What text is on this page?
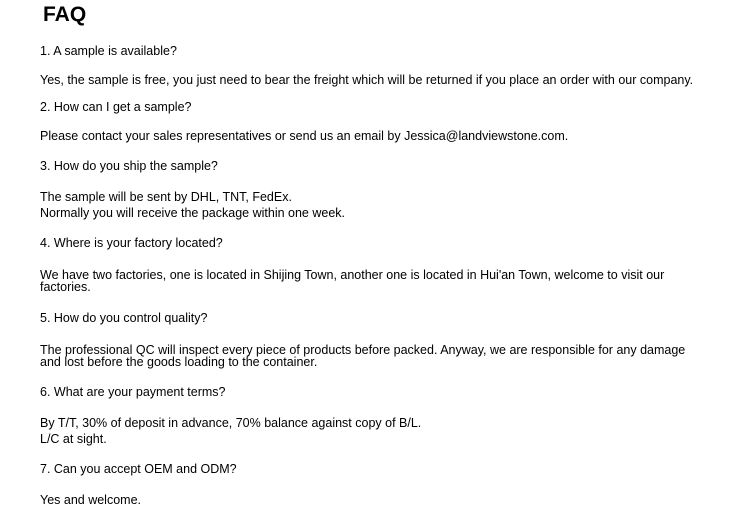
FAQ

1. A sample is available?

Yes, the sample is free, you just need to bear the freight which will be returned if you place an order with our company.

2. How can I get a sample?

Please contact your sales representatives or send us an email by Jessica@landviewstone.com.

3. How do you ship the sample?

The sample will be sent by DHL, TNT, FedEx.

Normally you will receive the package within one week.

4. Where is your factory located?

We have two factories, one is located in Shijing Town, another one is located in Hui'an Town, welcome to visit our factories.

5. How do you control quality?

The professional QC will inspect every piece of products before packed. Anyway, we are responsible for any damage and lost before the goods loading to the container.

6. What are your payment terms?

By T/T, 30% of deposit in advance, 70% balance against copy of B/L.

L/C at sight.

7. Can you accept OEM and ODM?

Yes and welcome.
